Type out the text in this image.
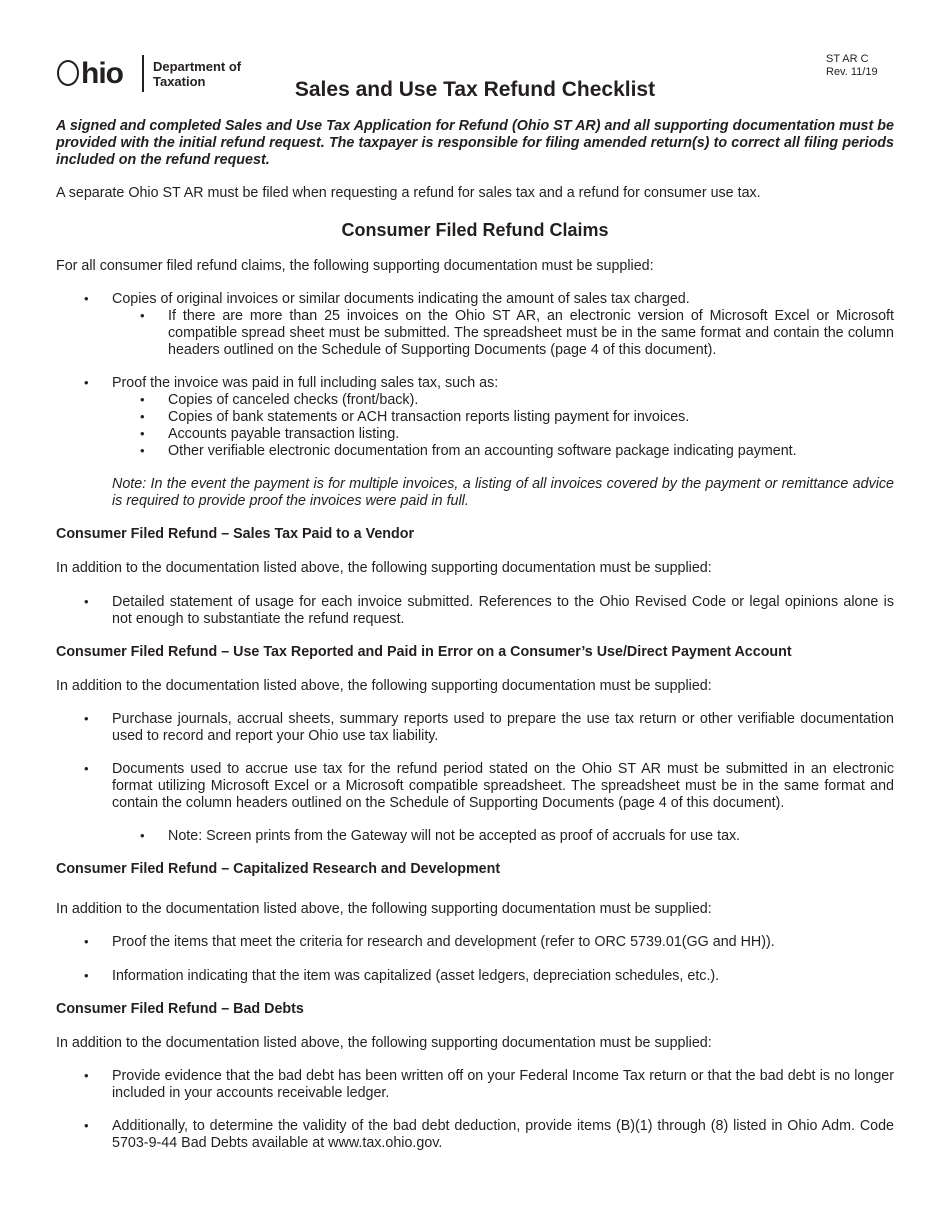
hio Department of
Taxation
ST AR C
Rev. 11/19
Sales and Use Tax Refund Checklist
A signed and completed Sales and Use Tax Application for Refund (Ohio ST AR) and all supporting documentation must be provided with the initial refund request. The taxpayer is responsible for filing amended return(s) to correct all filing periods included on the refund request.
A separate Ohio ST AR must be filed when requesting a refund for sales tax and a refund for consumer use tax.
Consumer Filed Refund Claims
For all consumer filed refund claims, the following supporting documentation must be supplied:
• Copies of original invoices or similar documents indicating the amount of sales tax charged.
• If there are more than 25 invoices on the Ohio ST AR, an electronic version of Microsoft Excel or Microsoft compatible spread sheet must be submitted. The spreadsheet must be in the same format and contain the column headers outlined on the Schedule of Supporting Documents (page 4 of this document).
• Proof the invoice was paid in full including sales tax, such as:
• Copies of canceled checks (front/back).
• Copies of bank statements or ACH transaction reports listing payment for invoices.
• Accounts payable transaction listing.
• Other verifiable electronic documentation from an accounting software package indicating payment.
Note: In the event the payment is for multiple invoices, a listing of all invoices covered by the payment or remittance advice is required to provide proof the invoices were paid in full.
Consumer Filed Refund – Sales Tax Paid to a Vendor
In addition to the documentation listed above, the following supporting documentation must be supplied:
• Detailed statement of usage for each invoice submitted. References to the Ohio Revised Code or legal opinions alone is not enough to substantiate the refund request.
Consumer Filed Refund – Use Tax Reported and Paid in Error on a Consumer’s Use/Direct Payment Account
In addition to the documentation listed above, the following supporting documentation must be supplied:
• Purchase journals, accrual sheets, summary reports used to prepare the use tax return or other verifiable documentation used to record and report your Ohio use tax liability.
• Documents used to accrue use tax for the refund period stated on the Ohio ST AR must be submitted in an electronic format utilizing Microsoft Excel or a Microsoft compatible spreadsheet. The spreadsheet must be in the same format and contain the column headers outlined on the Schedule of Supporting Documents (page 4 of this document).
• Note: Screen prints from the Gateway will not be accepted as proof of accruals for use tax.
Consumer Filed Refund – Capitalized Research and Development
In addition to the documentation listed above, the following supporting documentation must be supplied:
• Proof the items that meet the criteria for research and development (refer to ORC 5739.01(GG and HH)).
• Information indicating that the item was capitalized (asset ledgers, depreciation schedules, etc.).
Consumer Filed Refund – Bad Debts
In addition to the documentation listed above, the following supporting documentation must be supplied:
• Provide evidence that the bad debt has been written off on your Federal Income Tax return or that the bad debt is no longer included in your accounts receivable ledger.
• Additionally, to determine the validity of the bad debt deduction, provide items (B)(1) through (8) listed in Ohio Adm. Code 5703-9-44 Bad Debts available at www.tax.ohio.gov.
